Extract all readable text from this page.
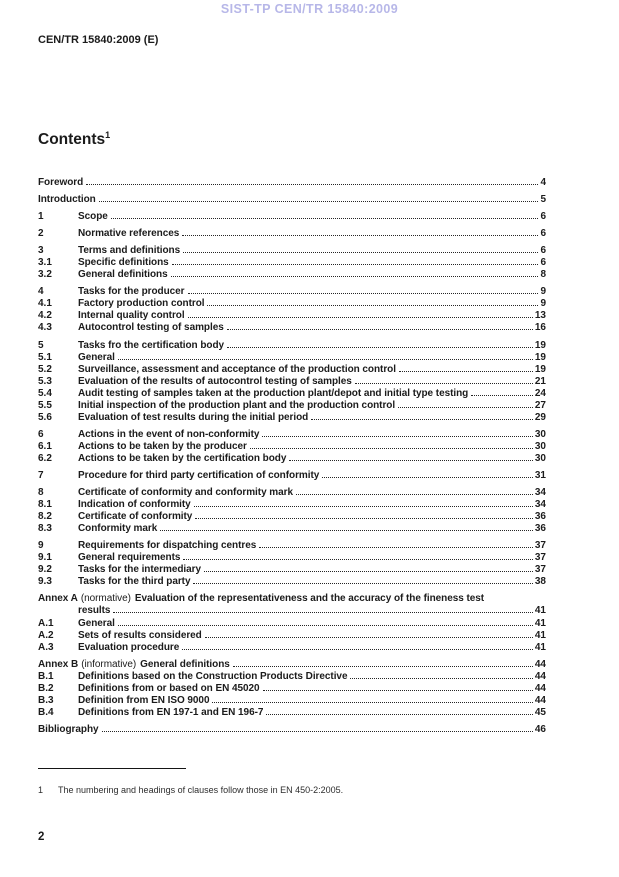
SIST-TP CEN/TR 15840:2009
CEN/TR 15840:2009 (E)
Contents$^1$
Foreword	4
Introduction	5
1	Scope	6
2	Normative references	6
3	Terms and definitions	6
3.1	Specific definitions	6
3.2	General definitions	8
4	Tasks for the producer	9
4.1	Factory production control	9
4.2	Internal quality control	13
4.3	Autocontrol testing of samples	16
5	Tasks fro the certification body	19
5.1	General	19
5.2	Surveillance, assessment and acceptance of the production control	19
5.3	Evaluation of the results of autocontrol testing of samples	21
5.4	Audit testing of samples taken at the production plant/depot and initial type testing	24
5.5	Initial inspection of the production plant and the production control	27
5.6	Evaluation of test results during the initial period	29
6	Actions in the event of non-conformity	30
6.1	Actions to be taken by the producer	30
6.2	Actions to be taken by the certification body	30
7	Procedure for third party certification of conformity	31
8	Certificate of conformity and conformity mark	34
8.1	Indication of conformity	34
8.2	Certificate of conformity	36
8.3	Conformity mark	36
9	Requirements for dispatching centres	37
9.1	General requirements	37
9.2	Tasks for the intermediary	37
9.3	Tasks for the third party	38
Annex A (normative) Evaluation of the representativeness and the accuracy of the fineness test
results	41
A.1	General	41
A.2	Sets of results considered	41
A.3	Evaluation procedure	41
Annex B (informative) General definitions	44
B.1	Definitions based on the Construction Products Directive	44
B.2	Definitions from or based on EN 45020	44
B.3	Definition from EN ISO 9000	44
B.4	Definitions from EN 197-1 and EN 196-7	45
Bibliography	46
1	The numbering and headings of clauses follow those in EN 450-2:2005.
2
